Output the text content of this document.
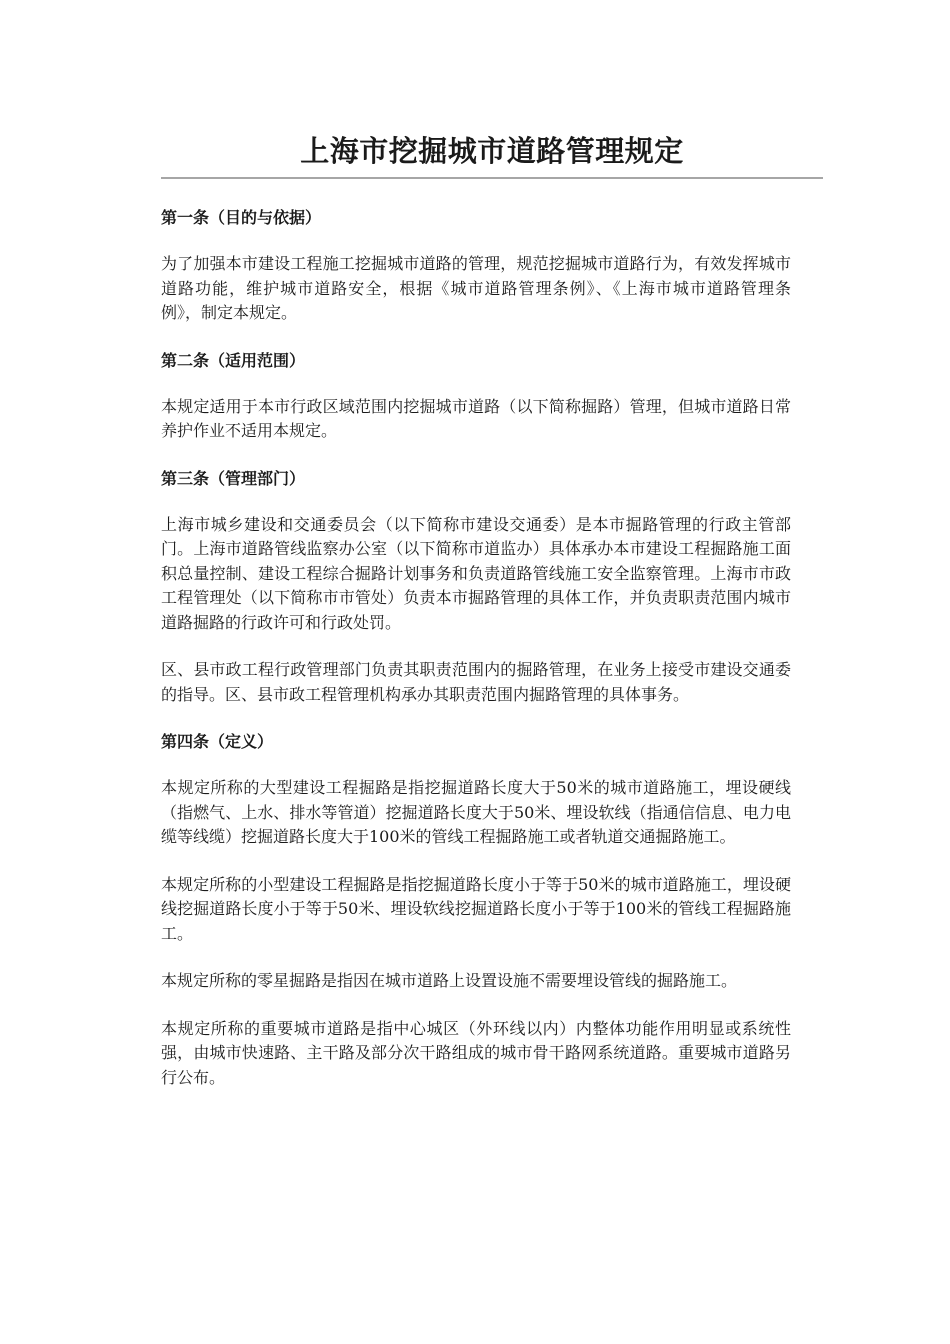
上海市挖掘城市道路管理规定
第一条（目的与依据）

为了加强本市建设工程施工挖掘城市道路的管理，规范挖掘城市道路行为，有效发挥城市道路功能，维护城市道路安全，根据《城市道路管理条例》、《上海市城市道路管理条例》，制定本规定。

第二条（适用范围）

本规定适用于本市行政区域范围内挖掘城市道路（以下简称掘路）管理，但城市道路日常养护作业不适用本规定。

第三条（管理部门）

上海市城乡建设和交通委员会（以下简称市建设交通委）是本市掘路管理的行政主管部门。上海市道路管线监察办公室（以下简称市道监办）具体承办本市建设工程掘路施工面积总量控制、建设工程综合掘路计划事务和负责道路管线施工安全监察管理。上海市市政工程管理处（以下简称市市管处）负责本市掘路管理的具体工作，并负责职责范围内城市道路掘路的行政许可和行政处罚。

区、县市政工程行政管理部门负责其职责范围内的掘路管理，在业务上接受市建设交通委的指导。区、县市政工程管理机构承办其职责范围内掘路管理的具体事务。

第四条（定义）

本规定所称的大型建设工程掘路是指挖掘道路长度大于50米的城市道路施工，埋设硬线（指燃气、上水、排水等管道）挖掘道路长度大于50米、埋设软线（指通信信息、电力电缆等线缆）挖掘道路长度大于100米的管线工程掘路施工或者轨道交通掘路施工。

本规定所称的小型建设工程掘路是指挖掘道路长度小于等于50米的城市道路施工，埋设硬线挖掘道路长度小于等于50米、埋设软线挖掘道路长度小于等于100米的管线工程掘路施工。

本规定所称的零星掘路是指因在城市道路上设置设施不需要埋设管线的掘路施工。

本规定所称的重要城市道路是指中心城区（外环线以内）内整体功能作用明显或系统性强，由城市快速路、主干路及部分次干路组成的城市骨干路网系统道路。重要城市道路另行公布。
